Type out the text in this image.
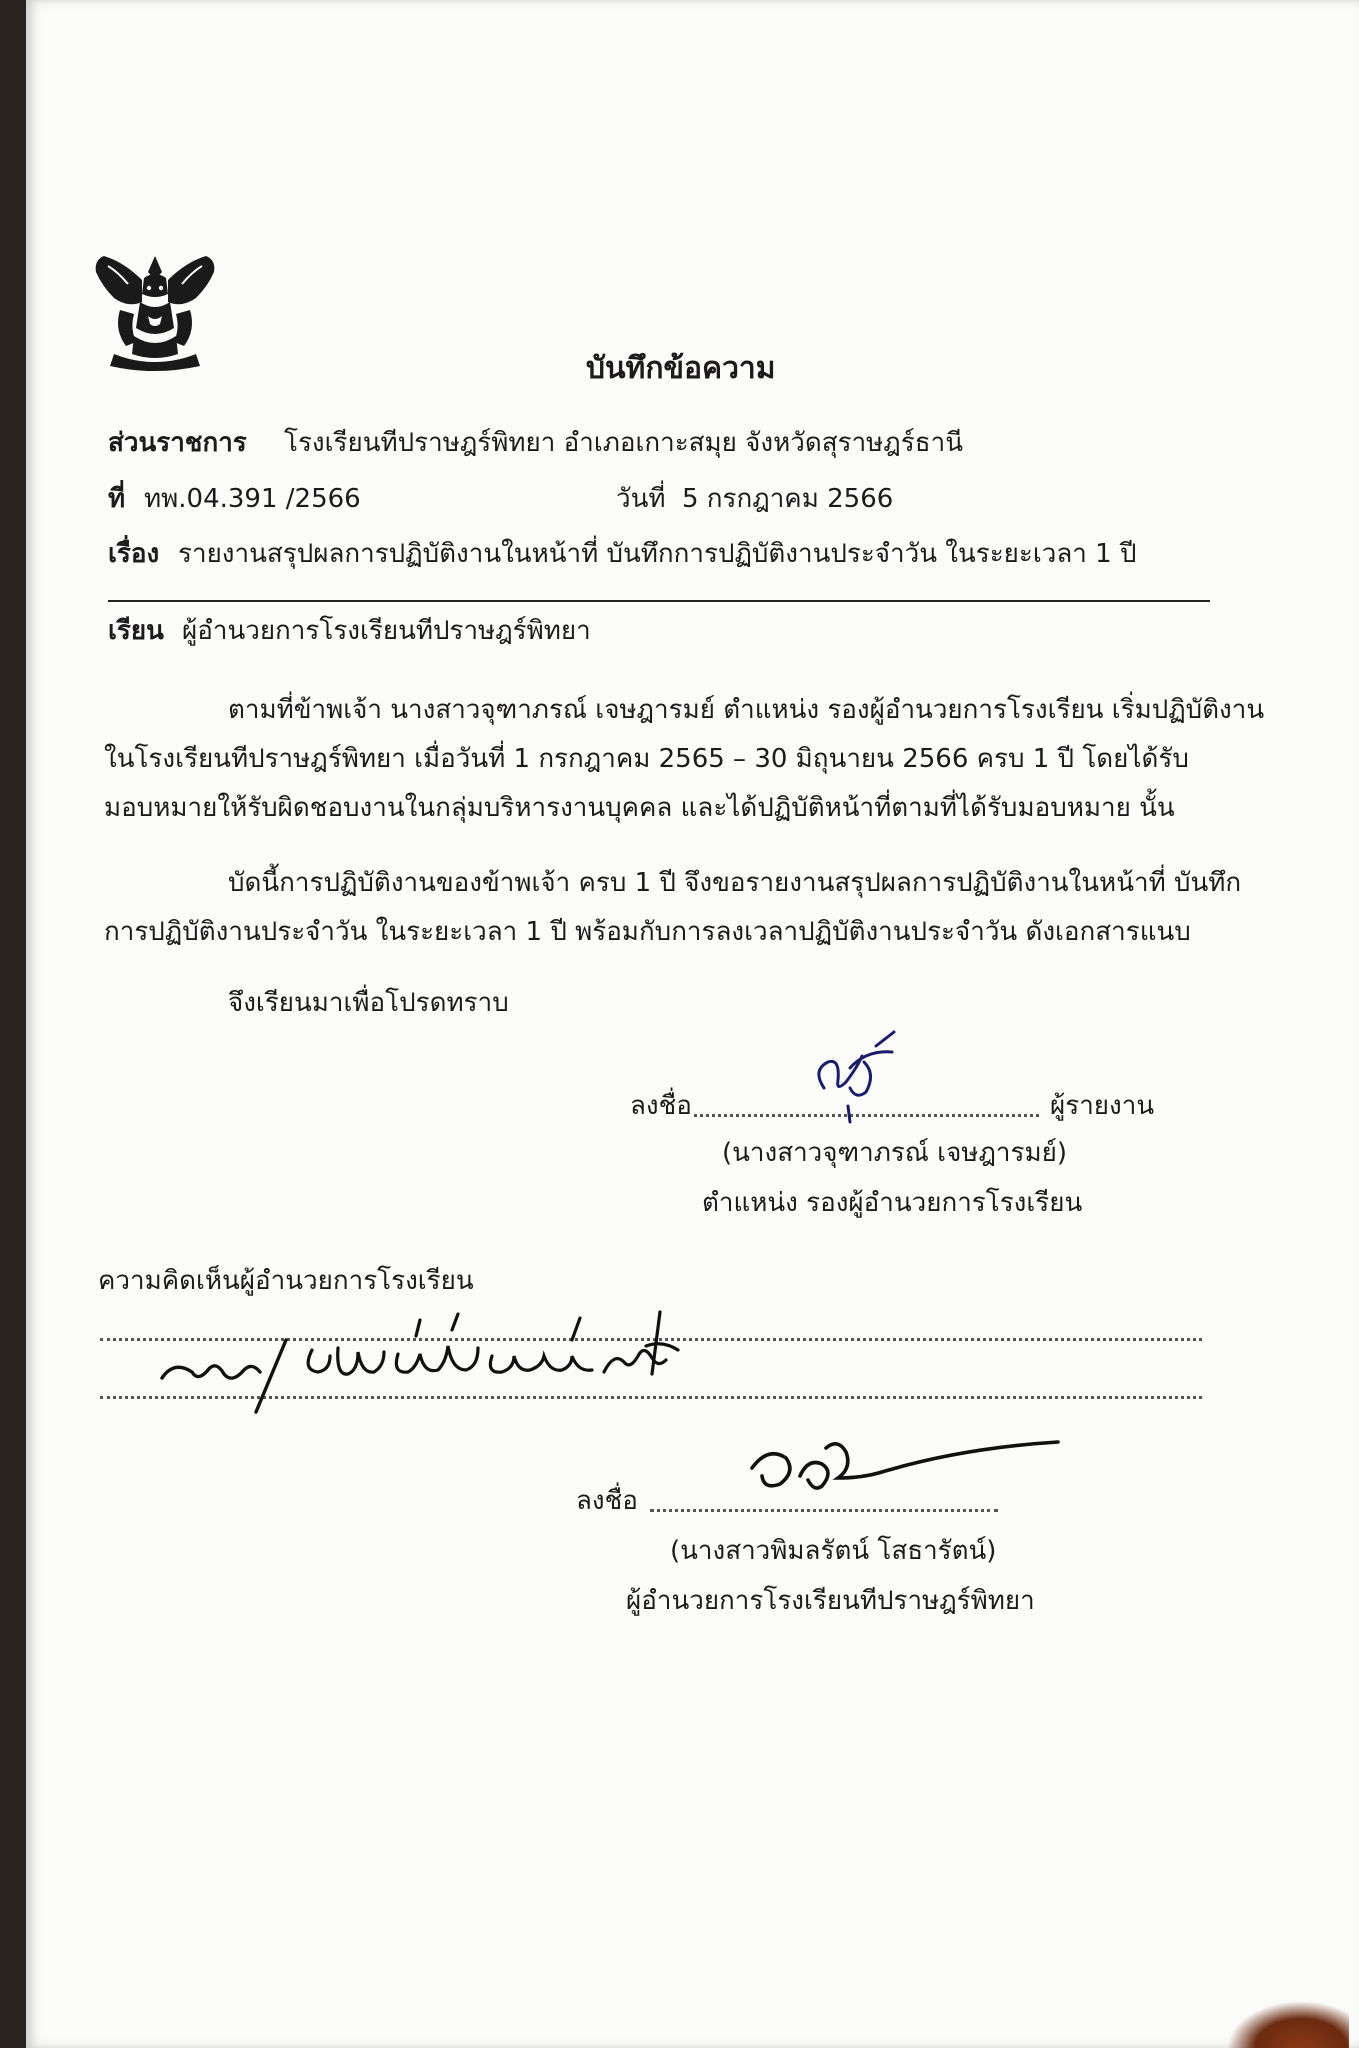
บันทึกข้อความ
ส่วนราชการ โรงเรียนทีปราษฎร์พิทยา อำเภอเกาะสมุย จังหวัดสุราษฎร์ธานี
ที่ ทพ.04.391 /2566	วันที่ 5 กรกฎาคม 2566
เรื่อง รายงานสรุปผลการปฏิบัติงานในหน้าที่ บันทึกการปฏิบัติงานประจำวัน ในระยะเวลา 1 ปี
เรียน ผู้อำนวยการโรงเรียนทีปราษฎร์พิทยา
ตามที่ข้าพเจ้า นางสาวจุฑาภรณ์ เจษฎารมย์ ตำแหน่ง รองผู้อำนวยการโรงเรียน เริ่มปฏิบัติงาน
ในโรงเรียนทีปราษฎร์พิทยา เมื่อวันที่ 1 กรกฎาคม 2565 – 30 มิถุนายน 2566 ครบ 1 ปี โดยได้รับ
มอบหมายให้รับผิดชอบงานในกลุ่มบริหารงานบุคคล และได้ปฏิบัติหน้าที่ตามที่ได้รับมอบหมาย นั้น
บัดนี้การปฏิบัติงานของข้าพเจ้า ครบ 1 ปี จึงขอรายงานสรุปผลการปฏิบัติงานในหน้าที่ บันทึก
การปฏิบัติงานประจำวัน ในระยะเวลา 1 ปี พร้อมกับการลงเวลาปฏิบัติงานประจำวัน ดังเอกสารแนบ
จึงเรียนมาเพื่อโปรดทราบ
ลงชื่อ	ผู้รายงาน
(นางสาวจุฑาภรณ์ เจษฎารมย์)
ตำแหน่ง รองผู้อำนวยการโรงเรียน
ความคิดเห็นผู้อำนวยการโรงเรียน
ลงชื่อ
(นางสาวพิมลรัตน์ โสธารัตน์)
ผู้อำนวยการโรงเรียนทีปราษฎร์พิทยา
